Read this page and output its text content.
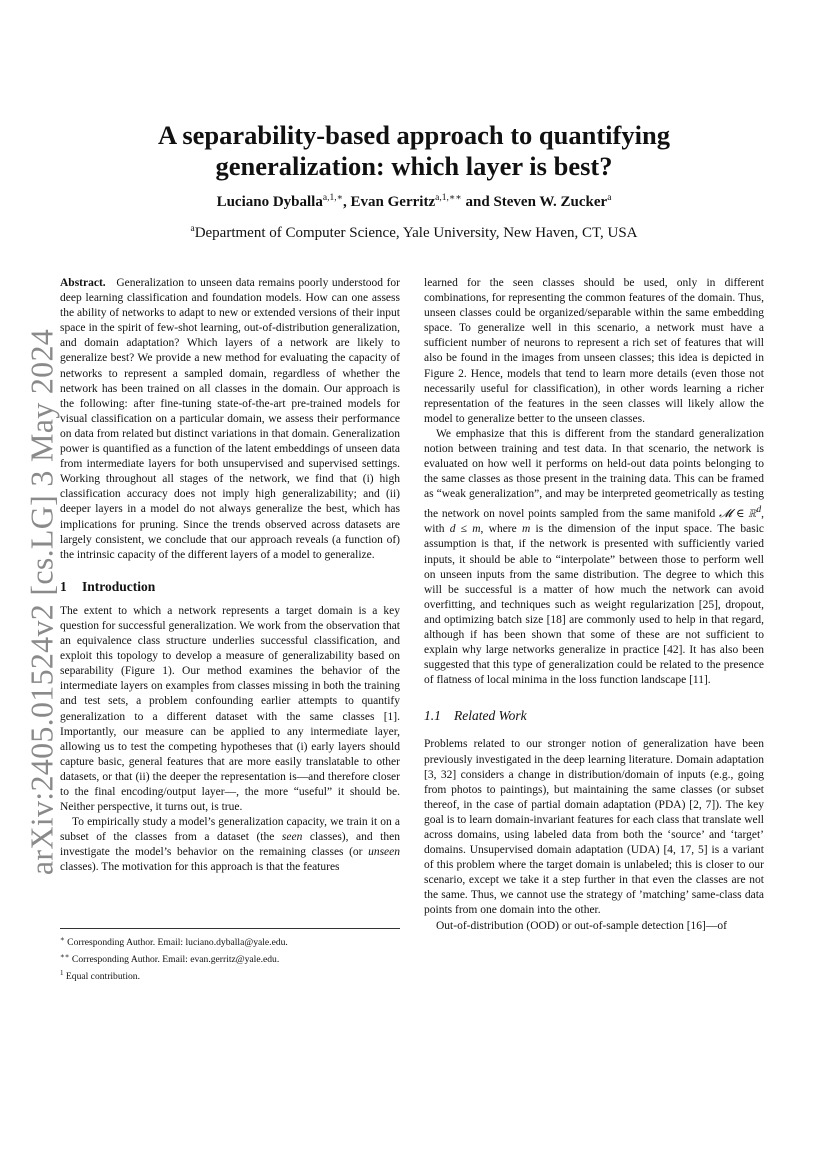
arXiv:2405.01524v2 [cs.LG] 3 May 2024
A separability-based approach to quantifying
generalization: which layer is best?
Luciano Dyballa$^{a,1,∗}$, Evan Gerritz$^{a,1,∗∗}$ and Steven W. Zucker$^a$
$^a$Department of Computer Science, Yale University, New Haven, CT, USA

Abstract. Generalization to unseen data remains poorly understood for deep learning classification and foundation models. How can one assess the ability of networks to adapt to new or extended versions of their input space in the spirit of few-shot learning, out-of-distribution generalization, and domain adaptation? Which layers of a network are likely to generalize best? We provide a new method for evaluating the capacity of networks to represent a sampled domain, regardless of whether the network has been trained on all classes in the domain. Our approach is the following: after fine-tuning state-of-the-art pre-trained models for visual classification on a particular domain, we assess their performance on data from related but distinct variations in that domain. Generalization power is quantified as a function of the latent embeddings of unseen data from intermediate layers for both unsupervised and supervised settings. Working throughout all stages of the network, we find that (i) high classification accuracy does not imply high generalizability; and (ii) deeper layers in a model do not always generalize the best, which has implications for pruning. Since the trends observed across datasets are largely consistent, we conclude that our approach reveals (a function of) the intrinsic capacity of the different layers of a model to generalize.

1 Introduction

The extent to which a network represents a target domain is a key question for successful generalization. We work from the observation that an equivalence class structure underlies successful classification, and exploit this topology to develop a measure of generalizability based on separability (Figure 1). Our method examines the behavior of the intermediate layers on examples from classes missing in both the training and test sets, a problem confounding earlier attempts to quantify generalization to a different dataset with the same classes [1]. Importantly, our measure can be applied to any intermediate layer, allowing us to test the competing hypotheses that (i) early layers should capture basic, general features that are more easily translatable to other datasets, or that (ii) the deeper the representation is—and therefore closer to the final encoding/output layer—, the more “useful” it should be. Neither perspective, it turns out, is true.

To empirically study a model’s generalization capacity, we train it on a subset of the classes from a dataset (the seen classes), and then investigate the model’s behavior on the remaining classes (or unseen classes). The motivation for this approach is that the features

learned for the seen classes should be used, only in different combinations, for representing the common features of the domain. Thus, unseen classes could be organized/separable within the same embedding space. To generalize well in this scenario, a network must have a sufficient number of neurons to represent a rich set of features that will also be found in the images from unseen classes; this idea is depicted in Figure 2. Hence, models that tend to learn more details (even those not necessarily useful for classification), in other words learning a richer representation of the features in the seen classes will likely allow the model to generalize better to the unseen classes.

We emphasize that this is different from the standard generalization notion between training and test data. In that scenario, the network is evaluated on how well it performs on held-out data points belonging to the same classes as those present in the training data. This can be framed as “weak generalization”, and may be interpreted geometrically as testing the network on novel points sampled from the same manifold 𝓜 ∈ ℝ$^d$, with d ≤ m, where m is the dimension of the input space. The basic assumption is that, if the network is presented with sufficiently varied inputs, it should be able to “interpolate” between those to perform well on unseen inputs from the same distribution. The degree to which this will be successful is a matter of how much the network can avoid overfitting, and techniques such as weight regularization [25], dropout, and optimizing batch size [18] are commonly used to help in that regard, although if has been shown that some of these are not sufficient to explain why large networks generalize in practice [42]. It has also been suggested that this type of generalization could be related to the presence of flatness of local minima in the loss function landscape [11].

1.1 Related Work

Problems related to our stronger notion of generalization have been previously investigated in the deep learning literature. Domain adaptation [3, 32] considers a change in distribution/domain of inputs (e.g., going from photos to paintings), but maintaining the same classes (or subset thereof, in the case of partial domain adaptation (PDA) [2, 7]). The key goal is to learn domain-invariant features for each class that translate well across domains, using labeled data from both the ‘source’ and ‘target’ domains. Unsupervised domain adaptation (UDA) [4, 17, 5] is a variant of this problem where the target domain is unlabeled; this is closer to our scenario, except we take it a step further in that even the classes are not the same. Thus, we cannot use the strategy of ’matching’ same-class data points from one domain into the other.

Out-of-distribution (OOD) or out-of-sample detection [16]—of

∗ Corresponding Author. Email: luciano.dyballa@yale.edu.
∗∗ Corresponding Author. Email: evan.gerritz@yale.edu.
$^1$ Equal contribution.
